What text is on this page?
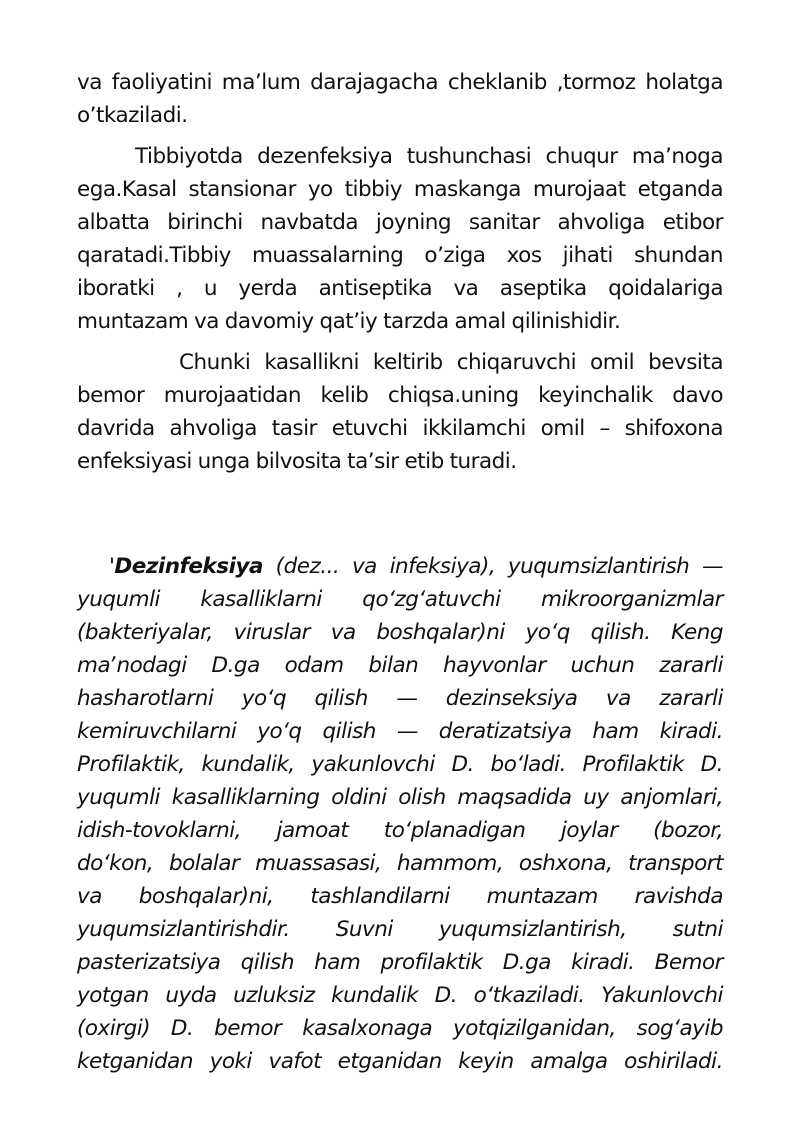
va faoliyatini ma’lum darajagacha cheklanib ,tormoz holatga
o’tkaziladi.
Tibbiyotda dezenfeksiya tushunchasi chuqur ma’noga
ega.Kasal stansionar yo tibbiy maskanga murojaat etganda
albatta birinchi navbatda joyning sanitar ahvoliga etibor
qaratadi.Tibbiy muassalarning o’ziga xos jihati shundan
iboratki , u yerda antiseptika va aseptika qoidalariga
muntazam va davomiy qat’iy tarzda amal qilinishidir.
Chunki kasallikni keltirib chiqaruvchi omil bevsita
bemor murojaatidan kelib chiqsa.uning keyinchalik davo
davrida ahvoliga tasir etuvchi ikkilamchi omil – shifoxona
enfeksiyasi unga bilvosita ta’sir etib turadi.
'Dezinfeksiya (dez... va infeksiya), yuqumsizlantirish —
yuqumli kasalliklarni qoʻzgʻatuvchi mikroorganizmlar
(bakteriyalar, viruslar va boshqalar)ni yoʻq qilish. Keng
maʼnodagi D.ga odam bilan hayvonlar uchun zararli
hasharotlarni yoʻq qilish — dezinseksiya va zararli
kemiruvchilarni yoʻq qilish — deratizatsiya ham kiradi.
Profilaktik, kundalik, yakunlovchi D. boʻladi. Profilaktik D.
yuqumli kasalliklarning oldini olish maqsadida uy anjomlari,
idish-tovoklarni, jamoat toʻplanadigan joylar (bozor,
doʻkon, bolalar muassasasi, hammom, oshxona, transport
va boshqalar)ni, tashlandilarni muntazam ravishda
yuqumsizlantirishdir. Suvni yuqumsizlantirish, sutni
pasterizatsiya qilish ham profilaktik D.ga kiradi. Bemor
yotgan uyda uzluksiz kundalik D. oʻtkaziladi. Yakunlovchi
(oxirgi) D. bemor kasalxonaga yotqizilganidan, sogʻayib
ketganidan yoki vafot etganidan keyin amalga oshiriladi.
